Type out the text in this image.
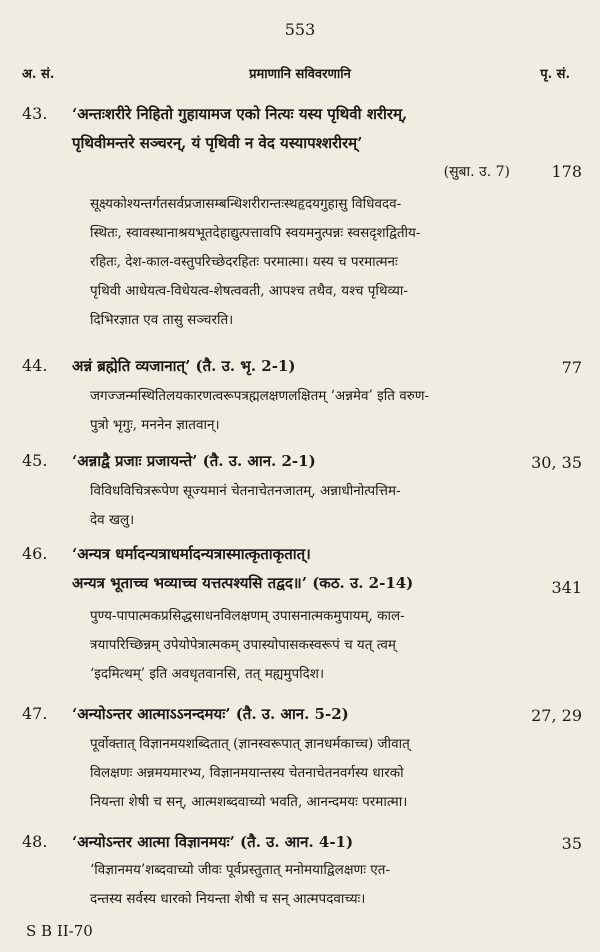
553
अ. सं.	प्रमाणानि सविवरणानि	पृ. सं.
43. ‘अन्तःशरीरे निहितो गुहायामज एको नित्यः यस्य पृथिवी शरीरम्,
पृथिवीमन्तरे सञ्चरन्, यं पृथिवी न वेद यस्यापश्शरीरम्’
(सुबा. उ. 7)	178
सूक्ष्यकोश्यन्तर्गतसर्वप्रजासम्बन्धिशरीरान्तःस्थहृदयगुहासु विधिवदव-
स्थितः, स्वावस्थानाश्रयभूतदेहाद्युत्पत्तावपि स्वयमनुत्पन्नः स्वसदृशद्वितीय-
रहितः, देश-काल-वस्तुपरिच्छेदरहितः परमात्मा। यस्य च परमात्मनः
पृथिवी आधेयत्व-विधेयत्व-शेषत्ववती, आपश्च तथैव, यश्च पृथिव्या-
दिभिरज्ञात एव तासु सञ्चरति।
44. अन्नं ब्रह्मेति व्यजानात्’ (तै. उ. भृ. 2-1)	77
जगज्जन्मस्थितिलयकारणत्वरूपत्रह्मलक्षणलक्षितम् ‘अन्नमेव’ इति वरुण-
पुत्रो भृगुः, मननेन ज्ञातवान्।
45. ‘अन्नाद्वै प्रजाः प्रजायन्ते’ (तै. उ. आन. 2-1)	30, 35
विविधविचित्ररूपेण सूज्यमानं चेतनाचेतनजातम्, अन्नाधीनोत्पत्तिम-
देव खलु।
46. ‘अन्यत्र धर्मादन्यत्राधर्मादन्यत्रास्मात्कृताकृतात्।
अन्यत्र भूताच्च भव्याच्च यत्तत्पश्यसि तद्वद॥’ (कठ. उ. 2-14)	341
पुण्य-पापात्मकप्रसिद्धसाधनविलक्षणम् उपासनात्मकमुपायम्, काल-
त्रयापरिच्छिन्नम् उपेयोपेत्रात्मकम् उपास्योपासकस्वरूपं च यत् त्वम्
‘इदमित्थम्’ इति अवधृतवानसि, तत् मह्यमुपदिश।
47. ‘अन्योऽन्तर आत्माऽऽनन्दमयः’ (तै. उ. आन. 5-2)	27, 29
पूर्वोक्तात् विज्ञानमयशब्दितात् (ज्ञानस्वरूपात् ज्ञानधर्मकाच्च) जीवात्
विलक्षणः अन्नमयमारभ्य, विज्ञानमयान्तस्य चेतनाचेतनवर्गस्य धारको
नियन्ता शेषी च सन्, आत्मशब्दवाच्यो भवति, आनन्दमयः परमात्मा।
48. ‘अन्योऽन्तर आत्मा विज्ञानमयः’ (तै. उ. आन. 4-1)	35
‘विज्ञानमय’शब्दवाच्यो जीवः पूर्वप्रस्तुतात् मनोमयाद्विलक्षणः एत-
दन्तस्य सर्वस्य धारको नियन्ता शेषी च सन् आत्मपदवाच्यः।
S B II-70
